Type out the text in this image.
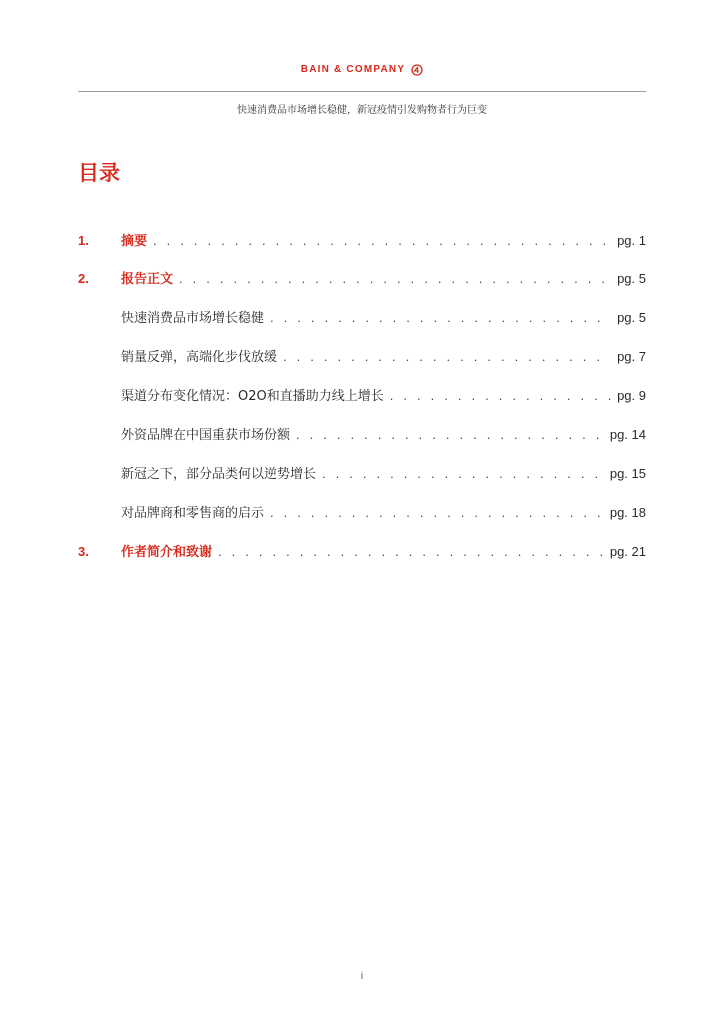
BAIN & COMPANY
快速消费品市场增长稳健，新冠疫情引发购物者行为巨变
目录
1.	摘要 . . .	pg. 1
2.	报告正文 . . .	pg. 5
快速消费品市场增长稳健 . . .	pg. 5
销量反弹，高端化步伐放缓 . . .	pg. 7
渠道分布变化情况：O2O和直播助力线上增长 . . .	pg. 9
外资品牌在中国重获市场份额 . . .	pg. 14
新冠之下，部分品类何以逆势增长 . . .	pg. 15
对品牌商和零售商的启示 . . .	pg. 18
3.	作者简介和致谢 . . .	pg. 21
i
